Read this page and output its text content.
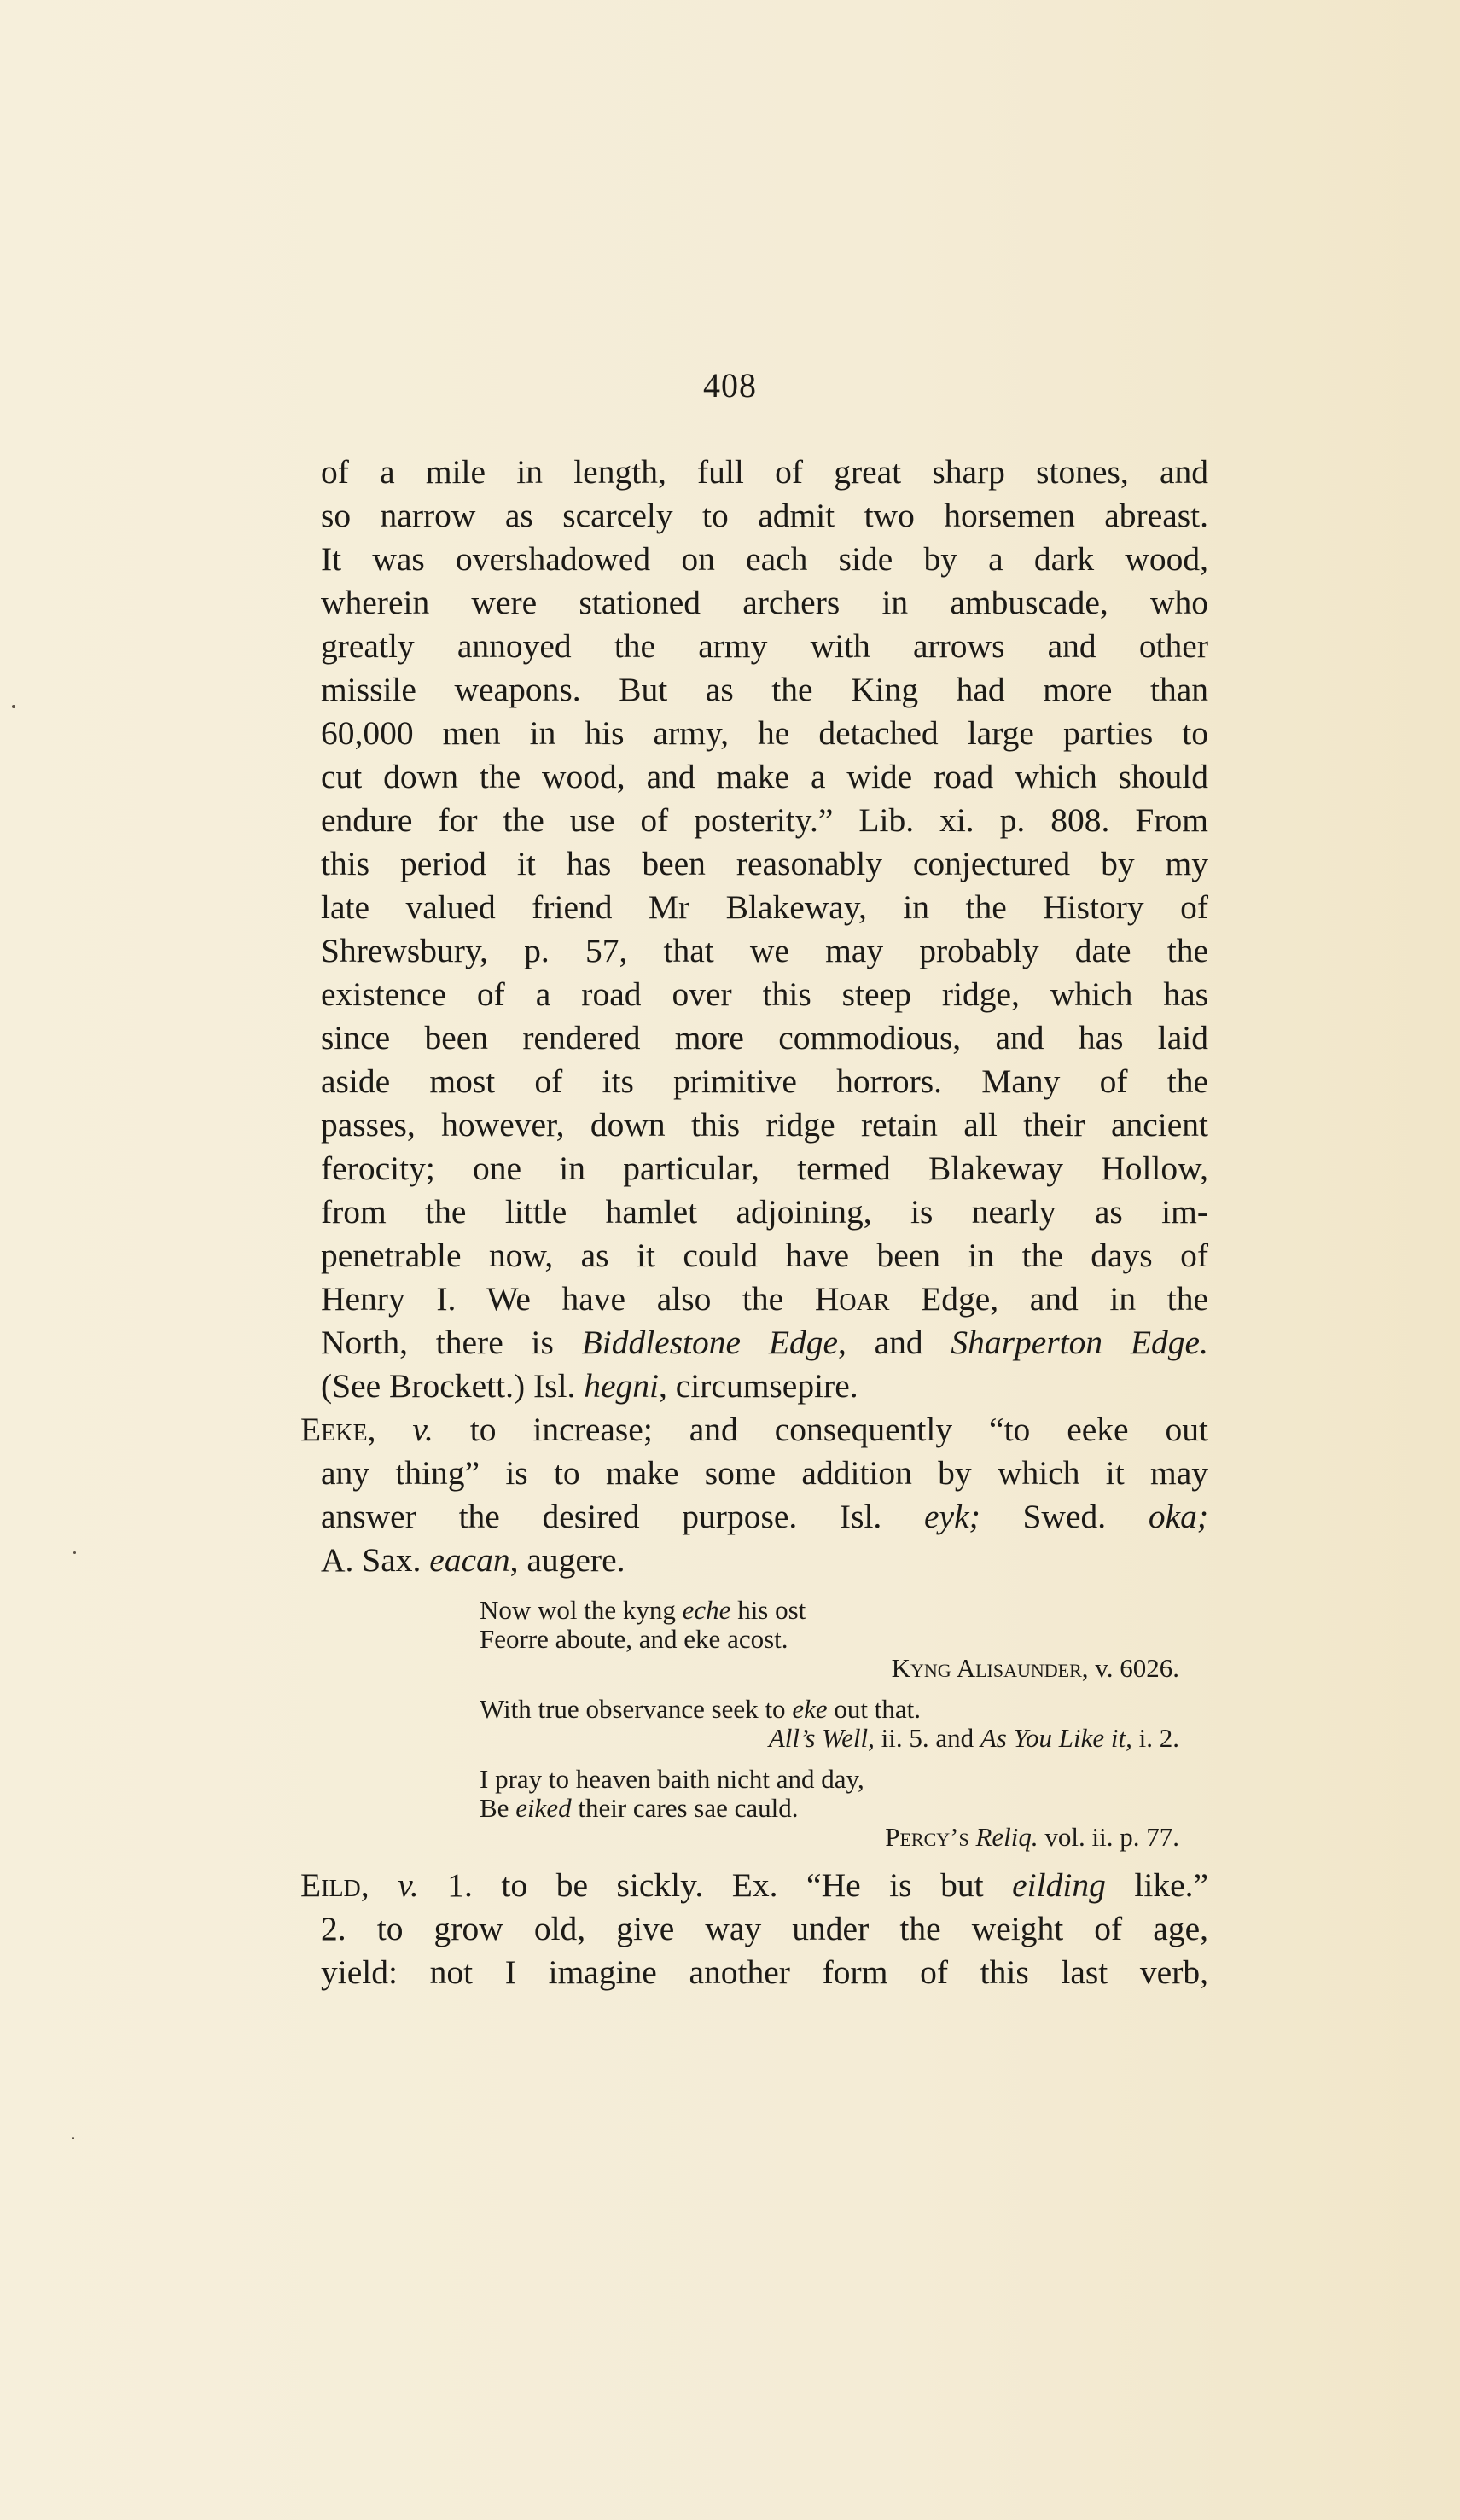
408
of a mile in length, full of great sharp stones, and
so narrow as scarcely to admit two horsemen abreast.
It was overshadowed on each side by a dark wood,
wherein were stationed archers in ambuscade, who
greatly annoyed the army with arrows and other
missile weapons. But as the King had more than
60,000 men in his army, he detached large parties to
cut down the wood, and make a wide road which should
endure for the use of posterity.” Lib. xi. p. 808. From
this period it has been reasonably conjectured by my
late valued friend Mr Blakeway, in the History of
Shrewsbury, p. 57, that we may probably date the
existence of a road over this steep ridge, which has
since been rendered more commodious, and has laid
aside most of its primitive horrors. Many of the
passes, however, down this ridge retain all their ancient
ferocity; one in particular, termed Blakeway Hollow,
from the little hamlet adjoining, is nearly as im-
penetrable now, as it could have been in the days of
Henry I. We have also the Hoar Edge, and in the
North, there is Biddlestone Edge, and Sharperton Edge.
(See Brockett.) Isl. hegni, circumsepire.
Eeke, v. to increase; and consequently “to eeke out
any thing” is to make some addition by which it may
answer the desired purpose. Isl. eyk; Swed. oka;
A. Sax. eacan, augere.
Now wol the kyng eche his ost
Feorre aboute, and eke acost.
Kyng Alisaunder, v. 6026.
With true observance seek to eke out that.
All’s Well, ii. 5. and As You Like it, i. 2.
I pray to heaven baith nicht and day,
Be eiked their cares sae cauld.
Percy’s Reliq. vol. ii. p. 77.
Eild, v. 1. to be sickly. Ex. “He is but eilding like.”
2. to grow old, give way under the weight of age,
yield: not I imagine another form of this last verb,
